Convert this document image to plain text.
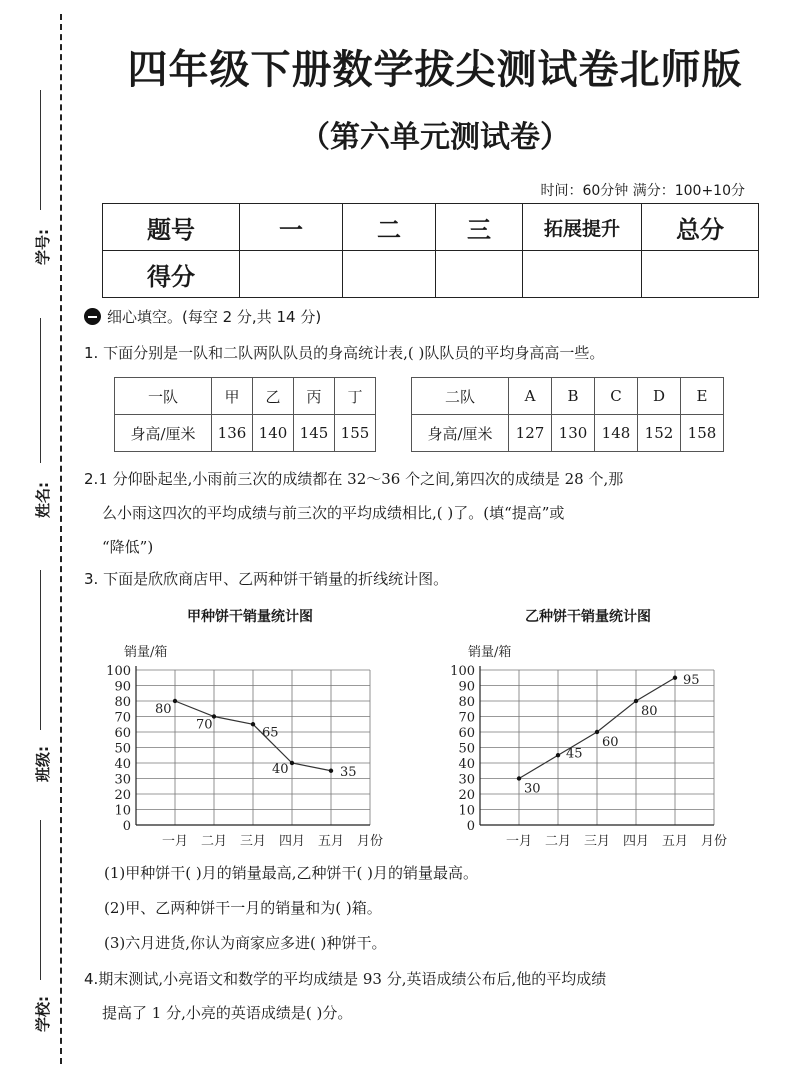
学号:
姓名:
班级:
学校:
四年级下册数学拔尖测试卷北师版
（第六单元测试卷）
时间：60分钟 满分：100+10分
题号	一	二	三	拓展提升	总分
得分					
细心填空。(每空 2 分,共 14 分)
1. 下面分别是一队和二队两队队员的身高统计表,( )队队员的平均身高高一些。
一队	甲	乙	丙	丁
身高/厘米	136	140	145	155
二队	A	B	C	D	E
身高/厘米	127	130	148	152	158
2.1 分仰卧起坐,小雨前三次的成绩都在 32～36 个之间,第四次的成绩是 28 个,那
么小雨这四次的平均成绩与前三次的平均成绩相比,( )了。(填“提高”或
“降低”)
3. 下面是欣欣商店甲、乙两种饼干销量的折线统计图。
甲种饼干销量统计图	乙种饼干销量统计图
0
10
20
30
40
50
60
70
80
90
100
销量/箱
一月 二月 三月 四月 五月 月份
80
70
65
40	35
0
10
20
30
40
50
60
70
80
90
100
销量/箱
一月 二月 三月 四月 五月 月份
30
45
60
80
95
(1)甲种饼干( )月的销量最高,乙种饼干( )月的销量最高。
(2)甲、乙两种饼干一月的销量和为( )箱。
(3)六月进货,你认为商家应多进( )种饼干。
4.期末测试,小亮语文和数学的平均成绩是 93 分,英语成绩公布后,他的平均成绩
提高了 1 分,小亮的英语成绩是( )分。
